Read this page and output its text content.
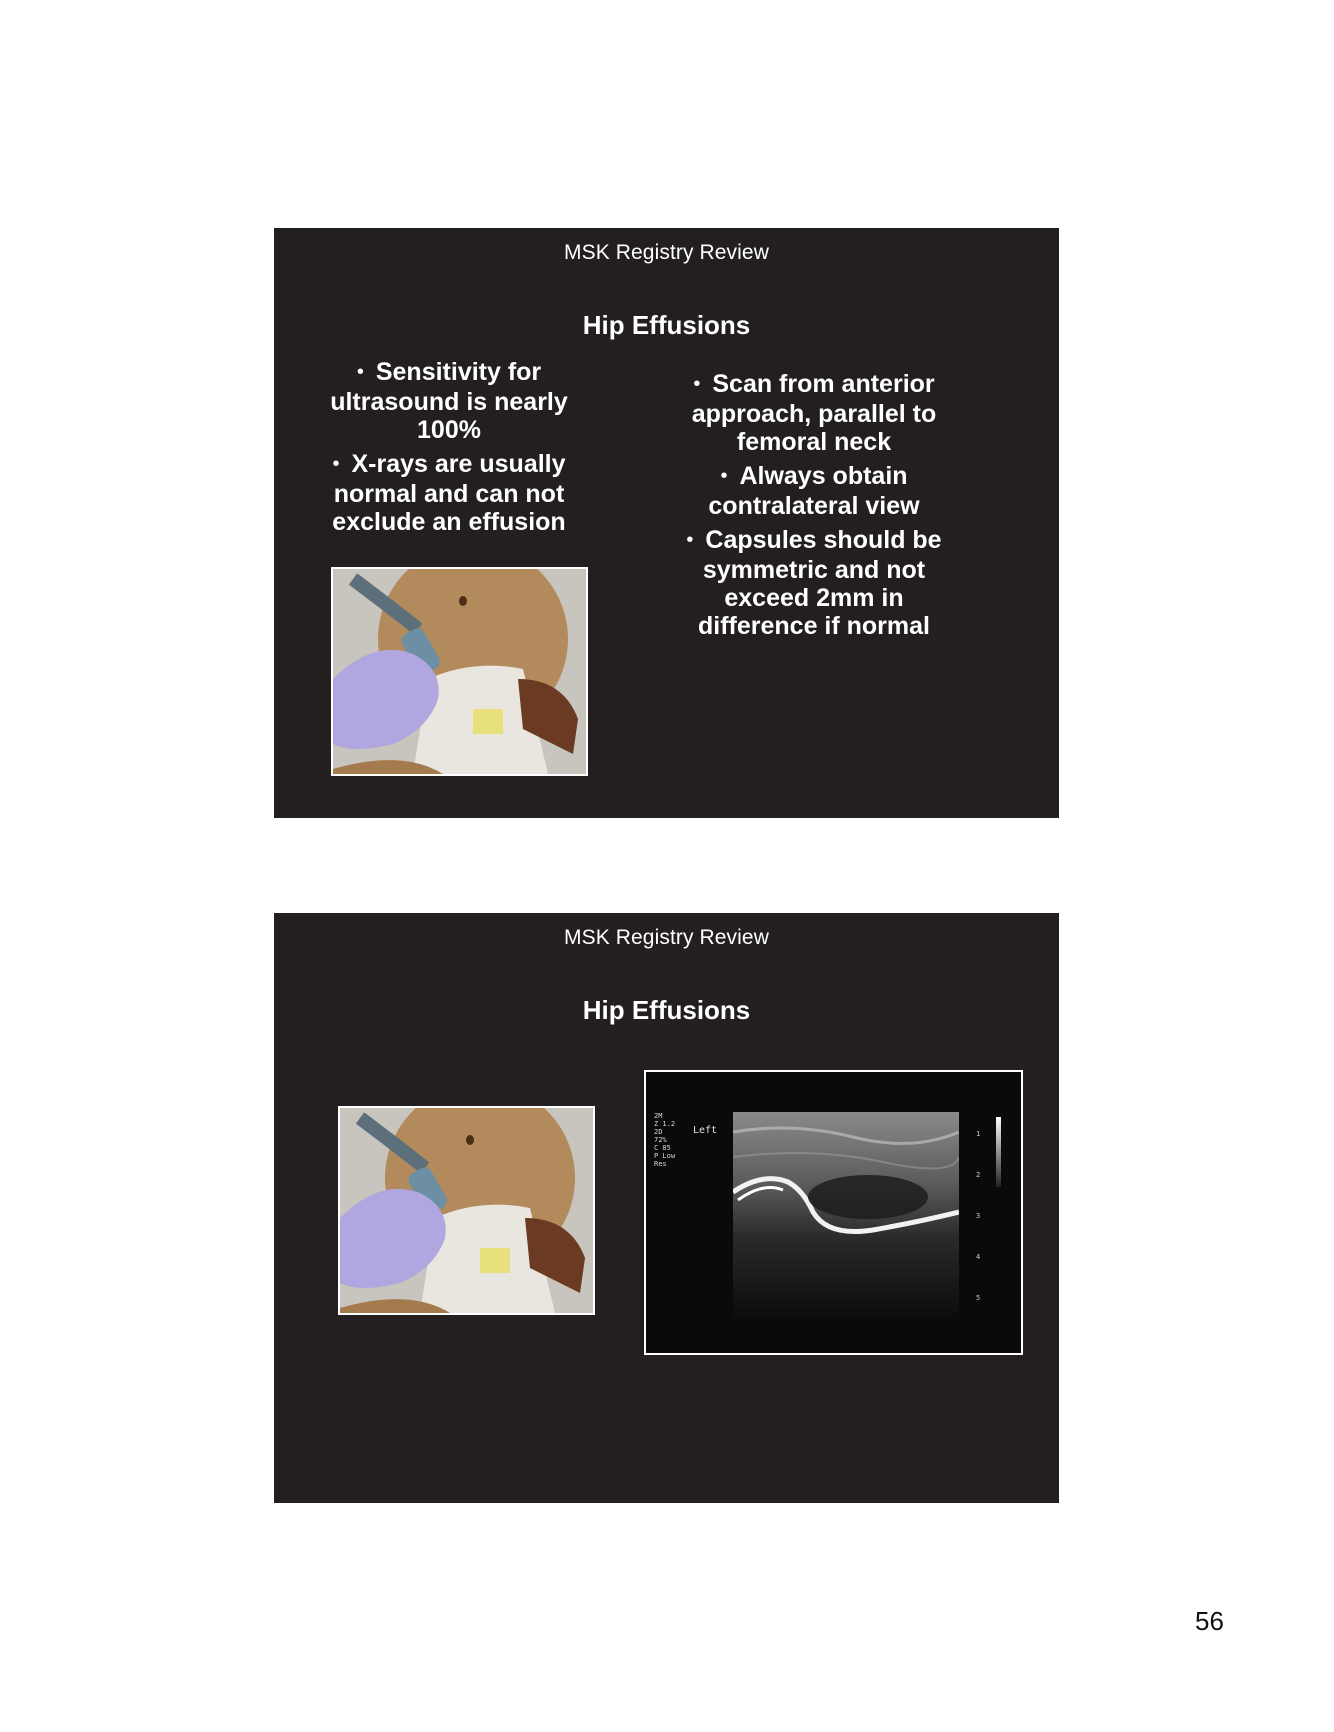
MSK Registry Review
Hip Effusions
• Sensitivity for ultrasound is nearly 100%
• X-rays are usually normal and can not exclude an effusion
• Scan from anterior approach, parallel to femoral neck
• Always obtain contralateral view
• Capsules should be symmetric and not exceed 2mm in difference if normal
MSK Registry Review
Hip Effusions
2M
Z 1.2
2D
72%
C 85
P Low
Res
Left	1
2
3
4
5
56
